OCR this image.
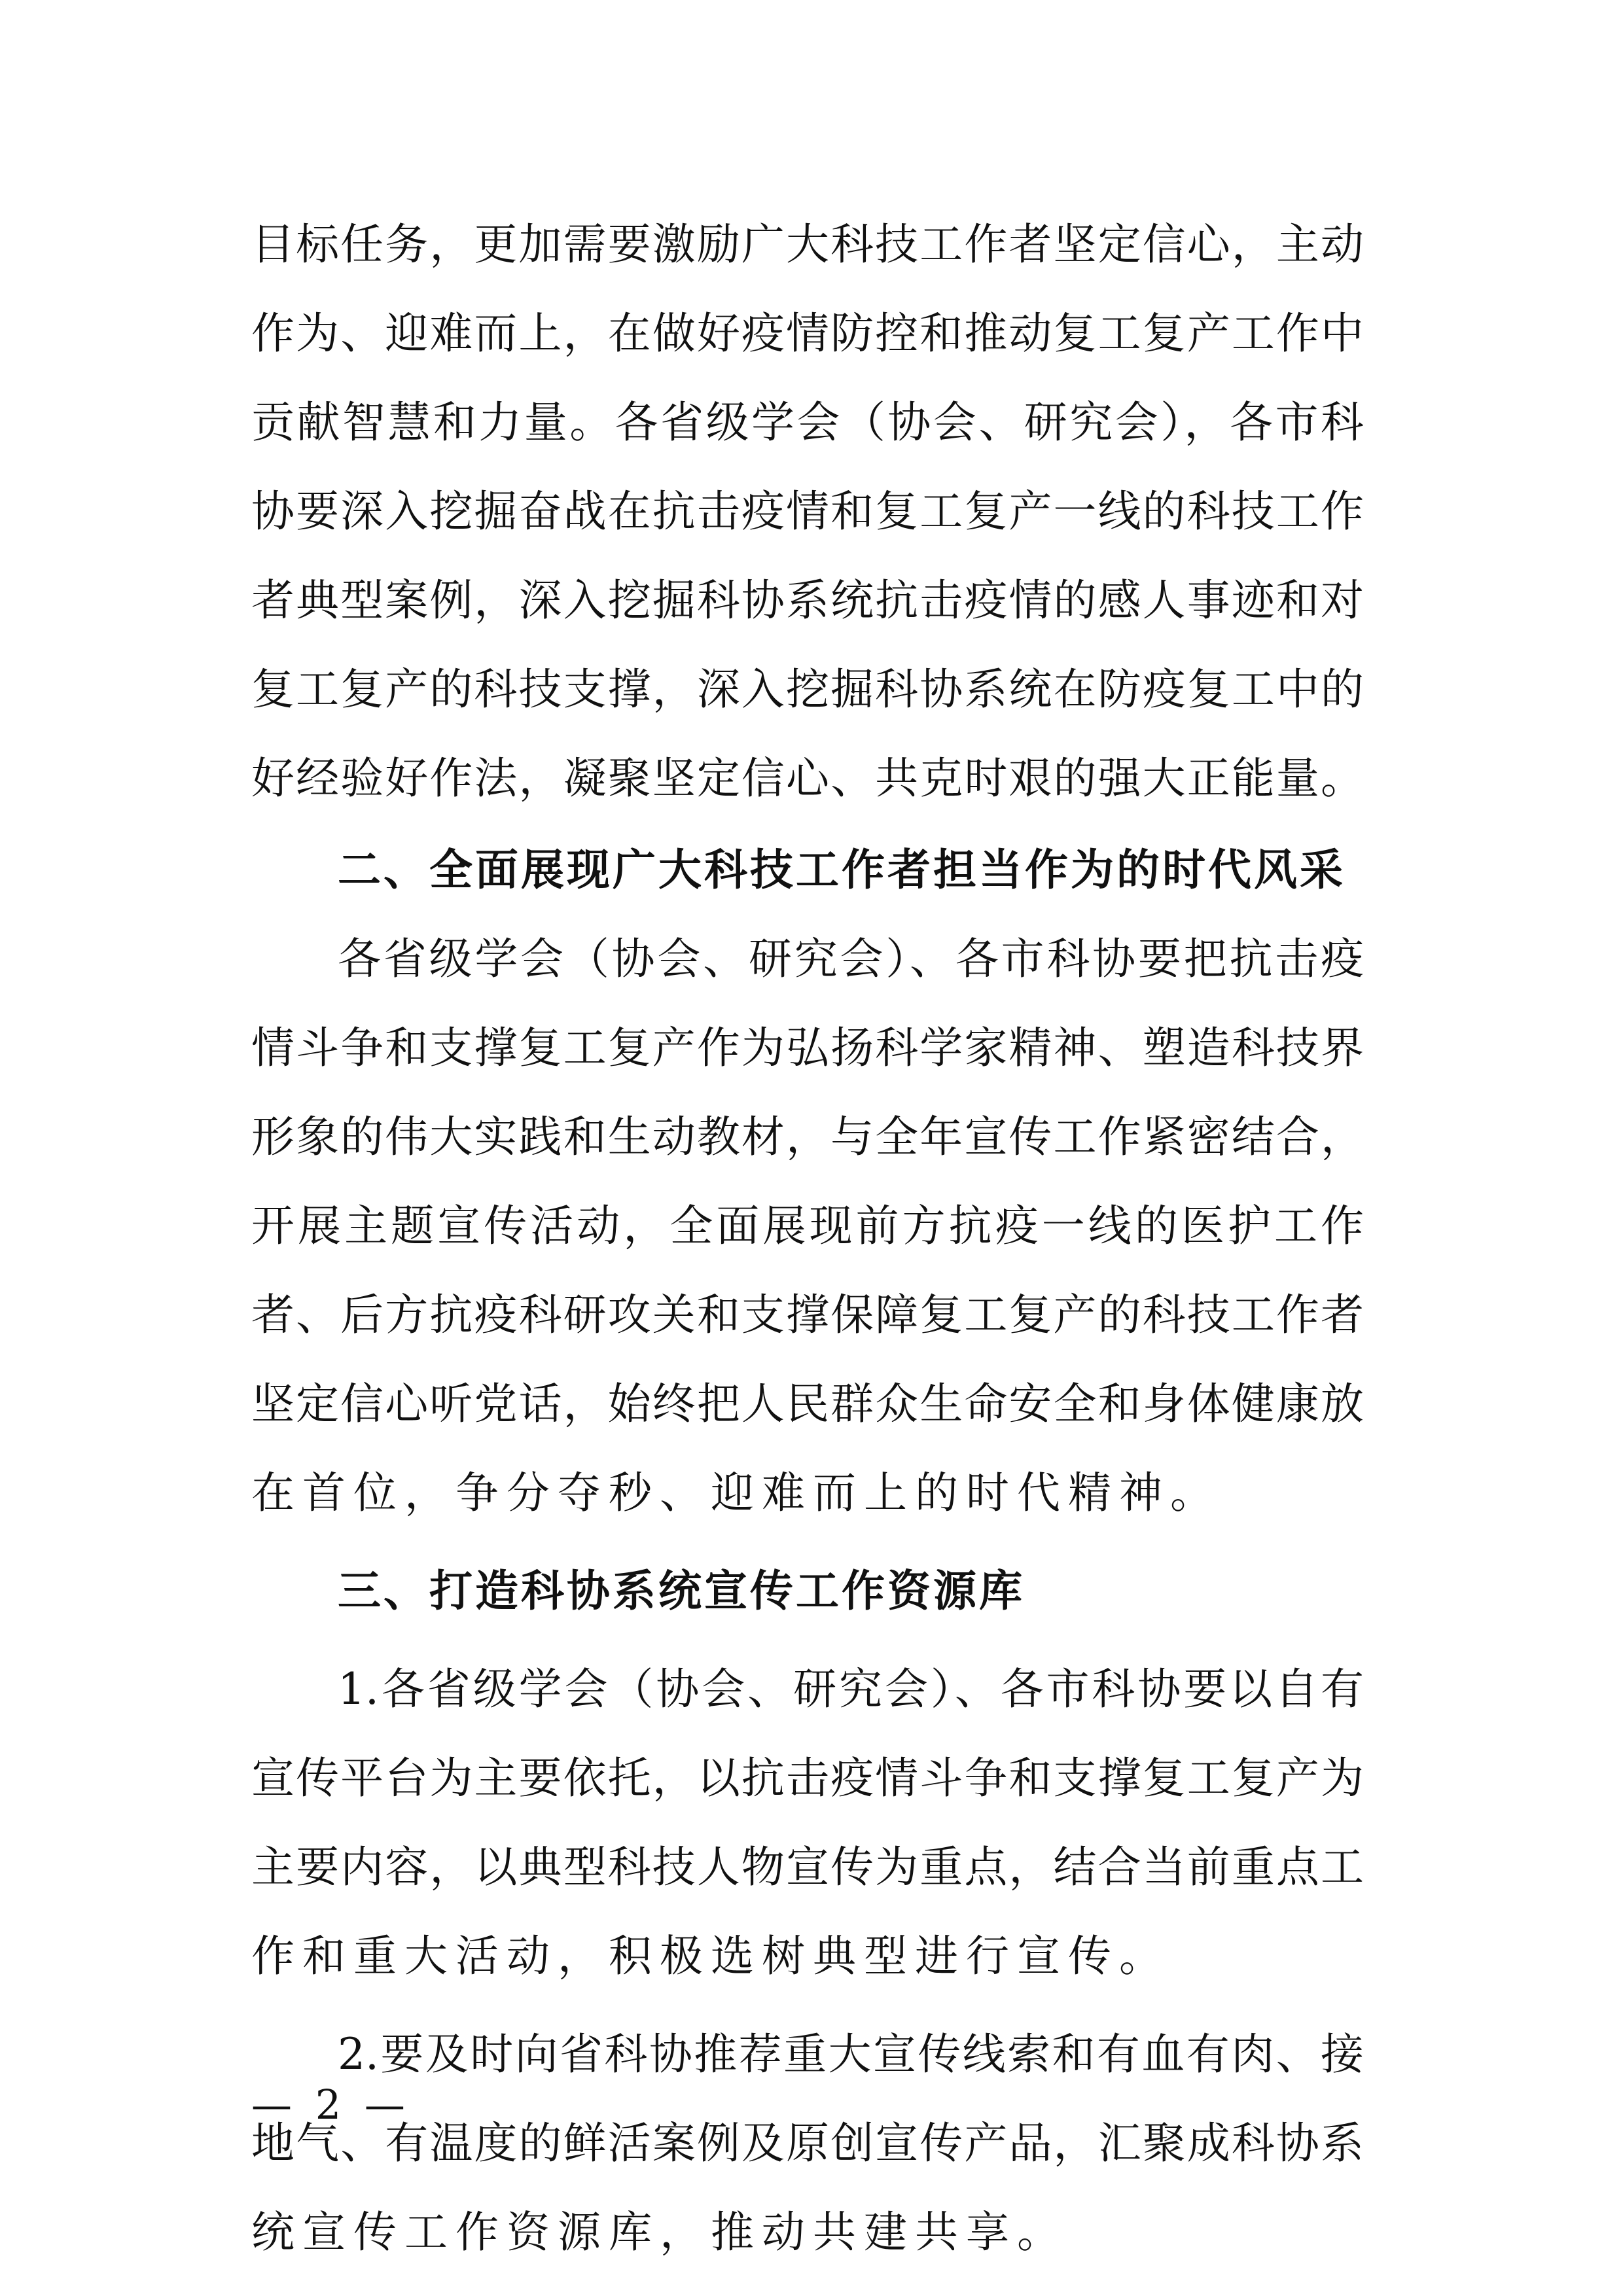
目标任务，更加需要激励广大科技工作者坚定信心，主动
作为、迎难而上，在做好疫情防控和推动复工复产工作中
贡献智慧和力量。各省级学会（协会、研究会），各市科
协要深入挖掘奋战在抗击疫情和复工复产一线的科技工作
者典型案例，深入挖掘科协系统抗击疫情的感人事迹和对
复工复产的科技支撑，深入挖掘科协系统在防疫复工中的
好经验好作法，凝聚坚定信心、共克时艰的强大正能量。
二、全面展现广大科技工作者担当作为的时代风采
各省级学会（协会、研究会）、各市科协要把抗击疫
情斗争和支撑复工复产作为弘扬科学家精神、塑造科技界
形象的伟大实践和生动教材，与全年宣传工作紧密结合，
开展主题宣传活动，全面展现前方抗疫一线的医护工作
者、后方抗疫科研攻关和支撑保障复工复产的科技工作者
坚定信心听党话，始终把人民群众生命安全和身体健康放
在首位，争分夺秒、迎难而上的时代精神。
三、打造科协系统宣传工作资源库
1.各省级学会（协会、研究会）、各市科协要以自有
宣传平台为主要依托，以抗击疫情斗争和支撑复工复产为
主要内容，以典型科技人物宣传为重点，结合当前重点工
作和重大活动，积极选树典型进行宣传。
2.要及时向省科协推荐重大宣传线索和有血有肉、接
地气、有温度的鲜活案例及原创宣传产品，汇聚成科协系
统宣传工作资源库，推动共建共享。
— 2 —
